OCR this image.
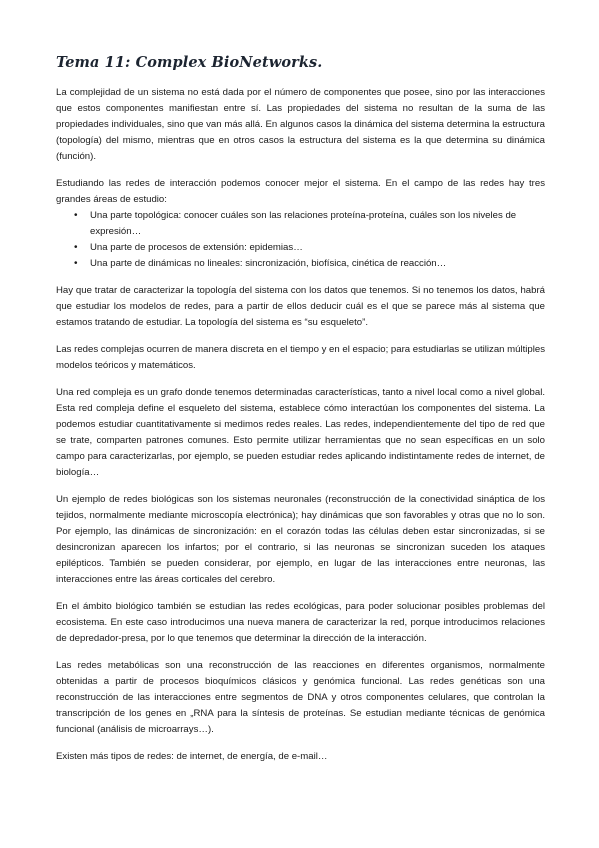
Tema 11: Complex BioNetworks.

La complejidad de un sistema no está dada por el número de componentes que posee, sino por las interacciones que estos componentes manifiestan entre sí. Las propiedades del sistema no resultan de la suma de las propiedades individuales, sino que van más allá. En algunos casos la dinámica del sistema determina la estructura (topología) del mismo, mientras que en otros casos la estructura del sistema es la que determina su dinámica (función).

Estudiando las redes de interacción podemos conocer mejor el sistema. En el campo de las redes hay tres grandes áreas de estudio:

• Una parte topológica: conocer cuáles son las relaciones proteína-proteína, cuáles son los niveles de expresión…
• Una parte de procesos de extensión: epidemias…
• Una parte de dinámicas no lineales: sincronización, biofísica, cinética de reacción…

Hay que tratar de caracterizar la topología del sistema con los datos que tenemos. Si no tenemos los datos, habrá que estudiar los modelos de redes, para a partir de ellos deducir cuál es el que se parece más al sistema que estamos tratando de estudiar. La topología del sistema es “su esqueleto”.

Las redes complejas ocurren de manera discreta en el tiempo y en el espacio; para estudiarlas se utilizan múltiples modelos teóricos y matemáticos.

Una red compleja es un grafo donde tenemos determinadas características, tanto a nivel local como a nivel global. Esta red compleja define el esqueleto del sistema, establece cómo interactúan los componentes del sistema. La podemos estudiar cuantitativamente si medimos redes reales. Las redes, independientemente del tipo de red que se trate, comparten patrones comunes. Esto permite utilizar herramientas que no sean específicas en un solo campo para caracterizarlas, por ejemplo, se pueden estudiar redes aplicando indistintamente redes de internet, de biología…

Un ejemplo de redes biológicas son los sistemas neuronales (reconstrucción de la conectividad sináptica de los tejidos, normalmente mediante microscopía electrónica); hay dinámicas que son favorables y otras que no lo son. Por ejemplo, las dinámicas de sincronización: en el corazón todas las células deben estar sincronizadas, si se desincronizan aparecen los infartos; por el contrario, si las neuronas se sincronizan suceden los ataques epilépticos. También se pueden considerar, por ejemplo, en lugar de las interacciones entre neuronas, las interacciones entre las áreas corticales del cerebro.

En el ámbito biológico también se estudian las redes ecológicas, para poder solucionar posibles problemas del ecosistema. En este caso introducimos una nueva manera de caracterizar la red, porque introducimos relaciones de depredador-presa, por lo que tenemos que determinar la dirección de la interacción.

Las redes metabólicas son una reconstrucción de las reacciones en diferentes organismos, normalmente obtenidas a partir de procesos bioquímicos clásicos y genómica funcional. Las redes genéticas son una reconstrucción de las interacciones entre segmentos de DNA y otros componentes celulares, que controlan la transcripción de los genes en „RNA para la síntesis de proteínas. Se estudian mediante técnicas de genómica funcional (análisis de microarrays…).

Existen más tipos de redes: de internet, de energía, de e-mail…
